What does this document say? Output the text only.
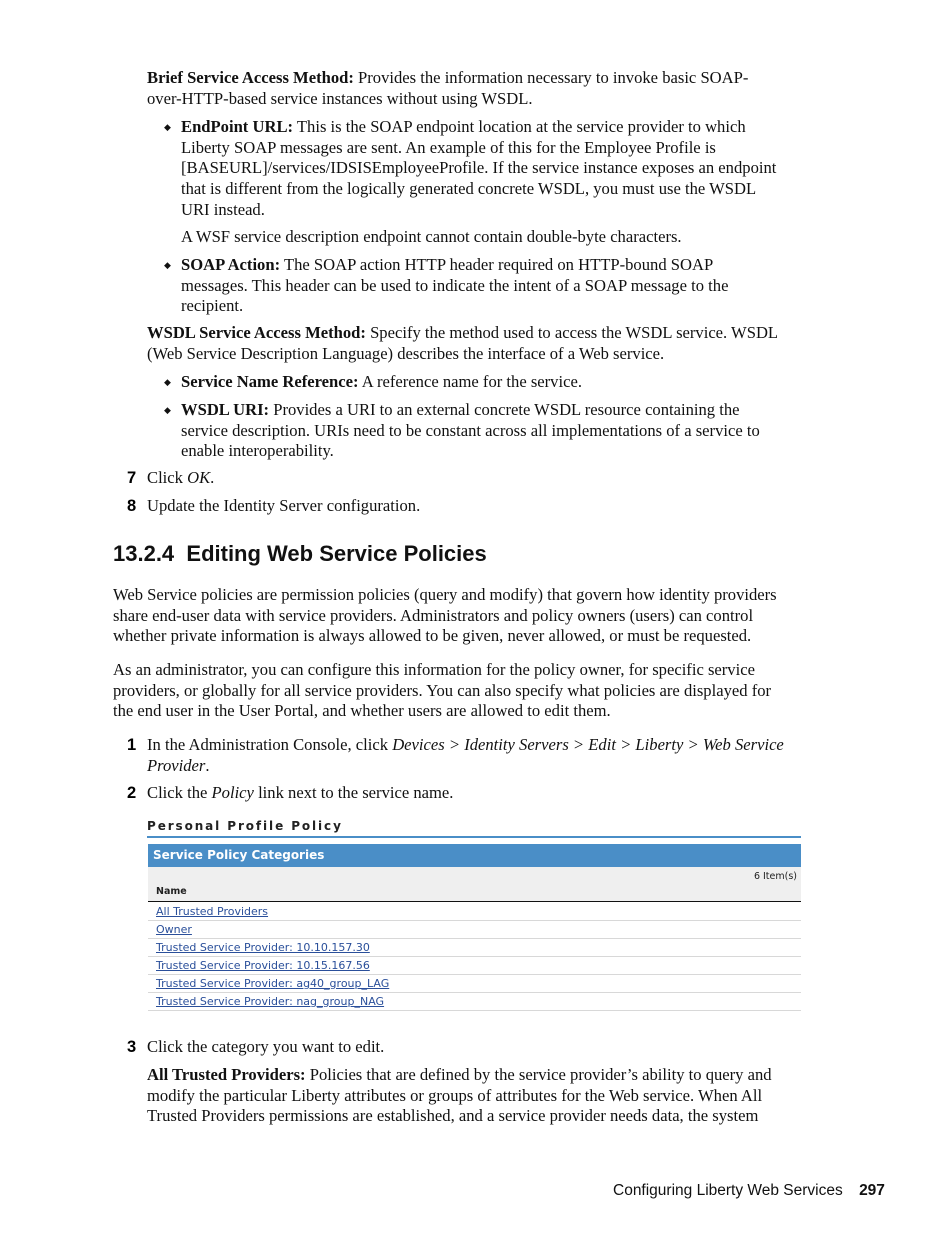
Brief Service Access Method: Provides the information necessary to invoke basic SOAP-
over-HTTP-based service instances without using WSDL.

◆ EndPoint URL: This is the SOAP endpoint location at the service provider to which
Liberty SOAP messages are sent. An example of this for the Employee Profile is
[BASEURL]/services/IDSISEmployeeProfile. If the service instance exposes an endpoint
that is different from the logically generated concrete WSDL, you must use the WSDL
URI instead.

A WSF service description endpoint cannot contain double-byte characters.

◆ SOAP Action: The SOAP action HTTP header required on HTTP-bound SOAP
messages. This header can be used to indicate the intent of a SOAP message to the
recipient.

WSDL Service Access Method: Specify the method used to access the WSDL service. WSDL
(Web Service Description Language) describes the interface of a Web service.

◆ Service Name Reference: A reference name for the service.

◆ WSDL URI: Provides a URI to an external concrete WSDL resource containing the
service description. URIs need to be constant across all implementations of a service to
enable interoperability.

7 Click OK.

8 Update the Identity Server configuration.

13.2.4  Editing Web Service Policies

Web Service policies are permission policies (query and modify) that govern how identity providers
share end-user data with service providers. Administrators and policy owners (users) can control
whether private information is always allowed to be given, never allowed, or must be requested.

As an administrator, you can configure this information for the policy owner, for specific service
providers, or globally for all service providers. You can also specify what policies are displayed for
the end user in the User Portal, and whether users are allowed to edit them.

1 In the Administration Console, click Devices > Identity Servers > Edit > Liberty > Web Service
Provider.

2 Click the Policy link next to the service name.

Personal Profile Policy
Service Policy Categories
6 Item(s)
Name
All Trusted Providers
Owner
Trusted Service Provider: 10.10.157.30
Trusted Service Provider: 10.15.167.56
Trusted Service Provider: ag40_group_LAG
Trusted Service Provider: nag_group_NAG
3 Click the category you want to edit.

All Trusted Providers: Policies that are defined by the service provider’s ability to query and
modify the particular Liberty attributes or groups of attributes for the Web service. When All
Trusted Providers permissions are established, and a service provider needs data, the system

Configuring Liberty Web Services 297
